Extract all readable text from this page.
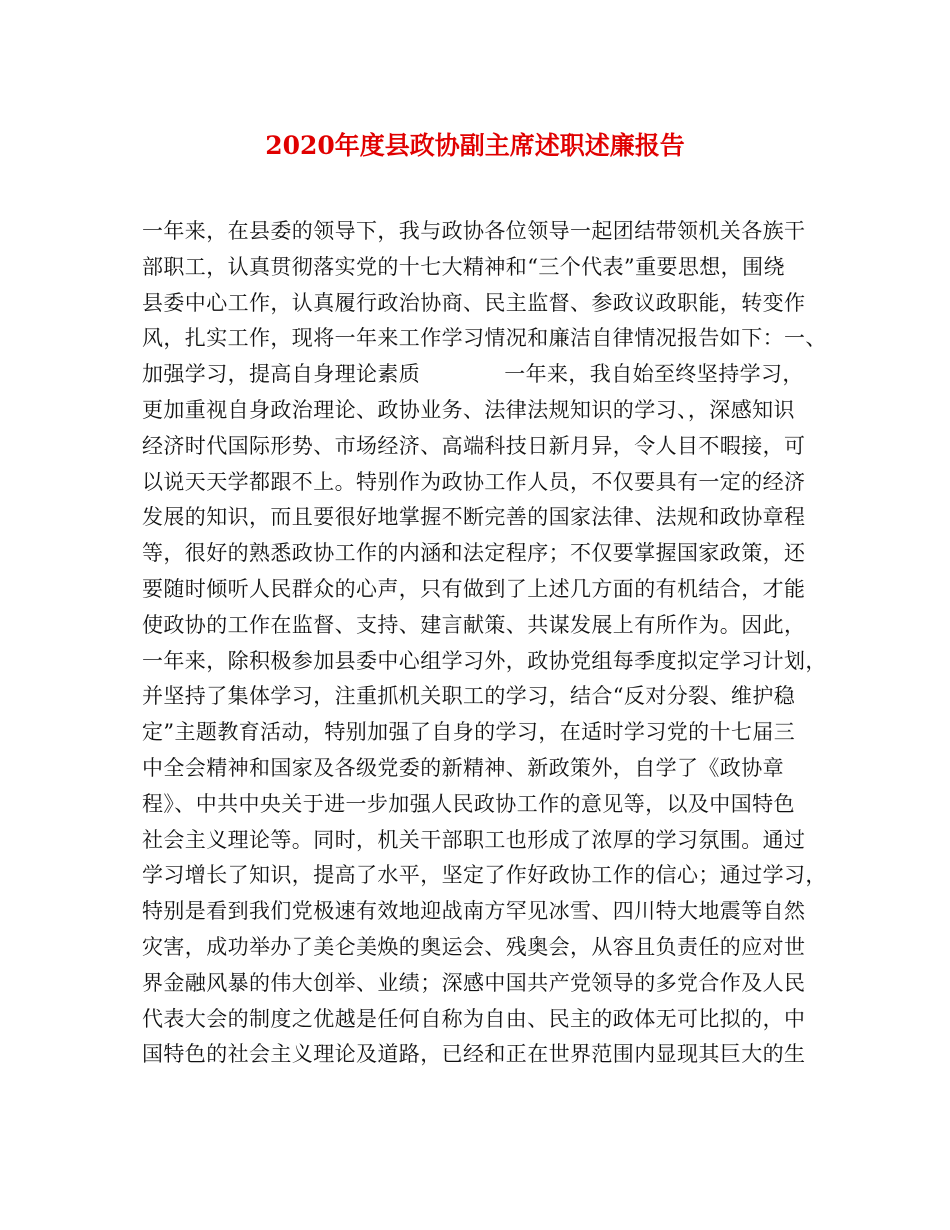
2020年度县政协副主席述职述廉报告
一年来，在县委的领导下，我与政协各位领导一起团结带领机关各族干
部职工，认真贯彻落实党的十七大精神和“三个代表”重要思想，围绕
县委中心工作，认真履行政治协商、民主监督、参政议政职能，转变作
风，扎实工作，现将一年来工作学习情况和廉洁自律情况报告如下：一、
加强学习，提高自身理论素质	一年来，我自始至终坚持学习，
更加重视自身政治理论、政协业务、法律法规知识的学习、，深感知识
经济时代国际形势、市场经济、高端科技日新月异，令人目不暇接，可
以说天天学都跟不上。特别作为政协工作人员，不仅要具有一定的经济
发展的知识，而且要很好地掌握不断完善的国家法律、法规和政协章程
等，很好的熟悉政协工作的内涵和法定程序；不仅要掌握国家政策，还
要随时倾听人民群众的心声，只有做到了上述几方面的有机结合，才能
使政协的工作在监督、支持、建言献策、共谋发展上有所作为。因此，
一年来，除积极参加县委中心组学习外，政协党组每季度拟定学习计划，
并坚持了集体学习，注重抓机关职工的学习，结合“反对分裂、维护稳
定”主题教育活动，特别加强了自身的学习，在适时学习党的十七届三
中全会精神和国家及各级党委的新精神、新政策外，自学了《政协章
程》、中共中央关于进一步加强人民政协工作的意见等，以及中国特色
社会主义理论等。同时，机关干部职工也形成了浓厚的学习氛围。通过
学习增长了知识，提高了水平，坚定了作好政协工作的信心；通过学习，
特别是看到我们党极速有效地迎战南方罕见冰雪、四川特大地震等自然
灾害，成功举办了美仑美焕的奥运会、残奥会，从容且负责任的应对世
界金融风暴的伟大创举、业绩；深感中国共产党领导的多党合作及人民
代表大会的制度之优越是任何自称为自由、民主的政体无可比拟的，中
国特色的社会主义理论及道路，已经和正在世界范围内显现其巨大的生
